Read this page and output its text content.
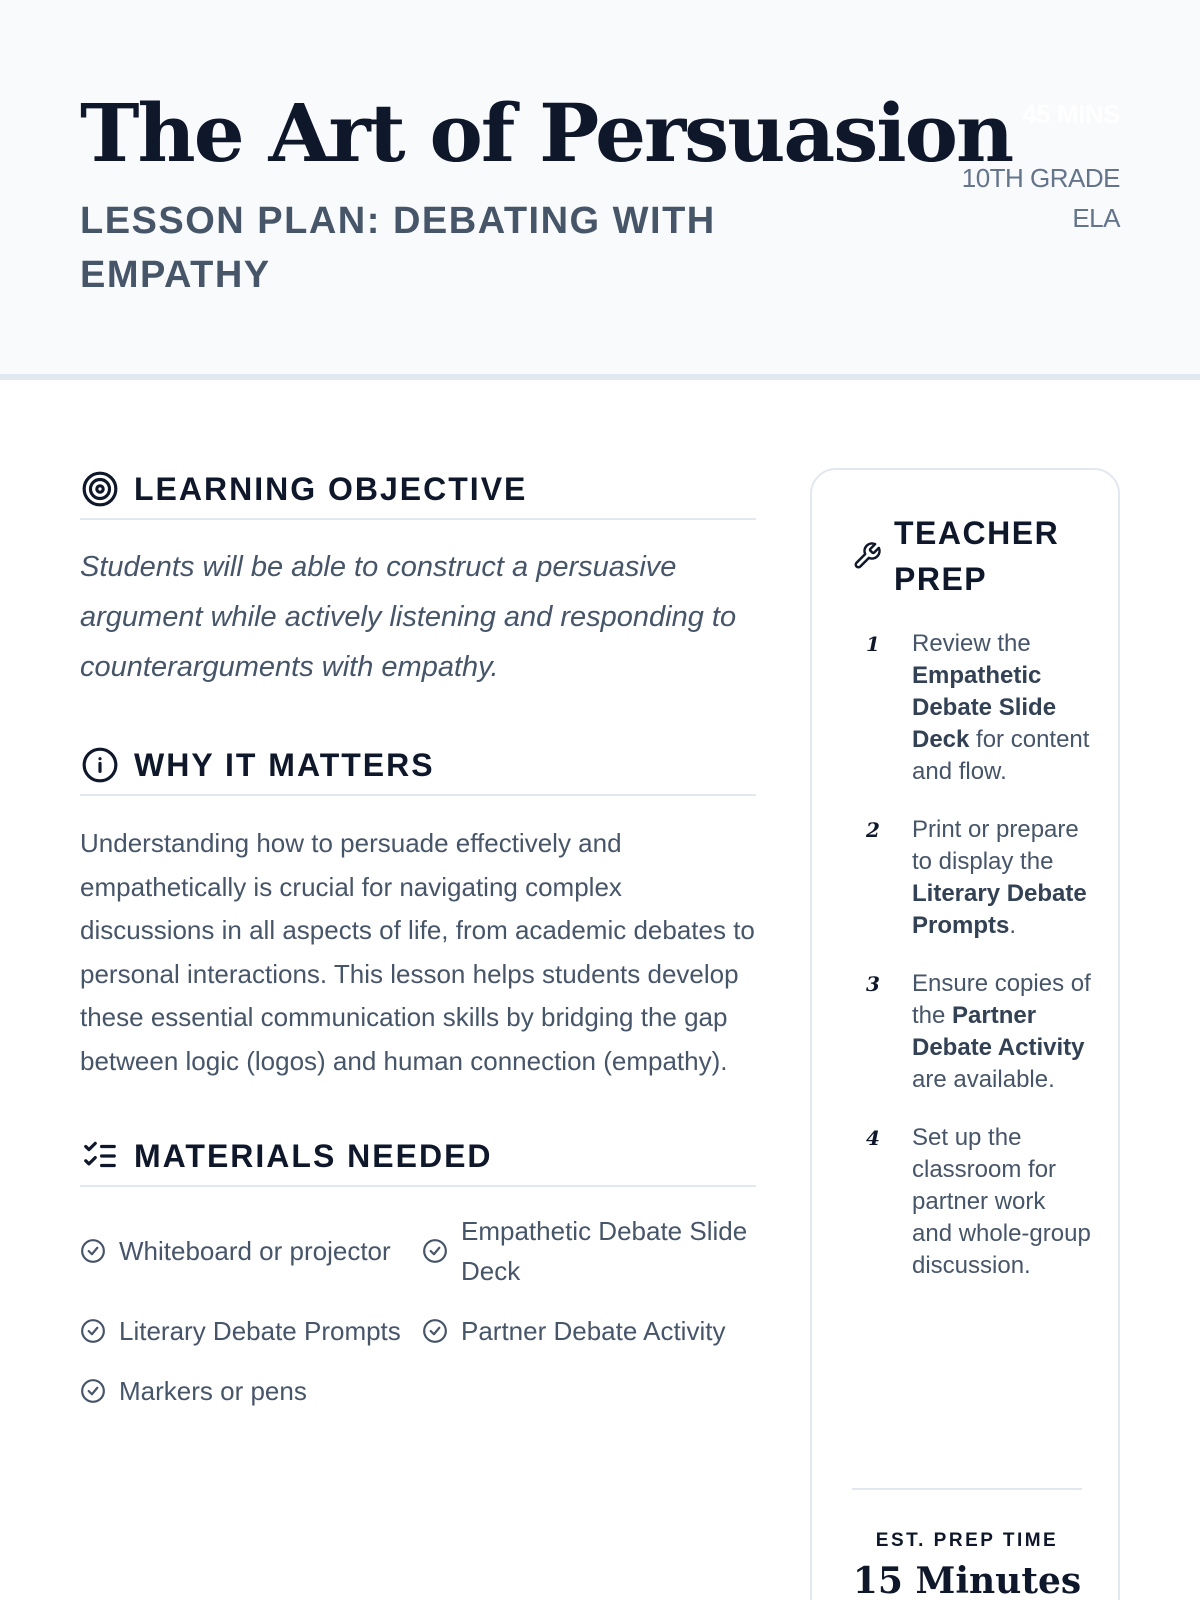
The Art of Persuasion
LESSON PLAN: DEBATING WITH EMPATHY
45 MINS
10TH GRADE ELA
LEARNING OBJECTIVE

Students will be able to construct a persuasive argument while actively listening and responding to counterarguments with empathy.

WHY IT MATTERS

Understanding how to persuade effectively and empathetically is crucial for navigating complex discussions in all aspects of life, from academic debates to personal interactions. This lesson helps students develop these essential communication skills by bridging the gap between logic (logos) and human connection (empathy).

MATERIALS NEEDED
Whiteboard or projector
Empathetic Debate Slide Deck
Literary Debate Prompts Partner Debate Activity
Markers or pens
TEACHER PREP
1	Review the Empathetic Debate Slide Deck for content and flow.
2	Print or prepare to display the Literary Debate Prompts.
3	Ensure copies of the Partner Debate Activity are available.
4	Set up the classroom for partner work and whole-group discussion.
EST. PREP TIME
15 Minutes
